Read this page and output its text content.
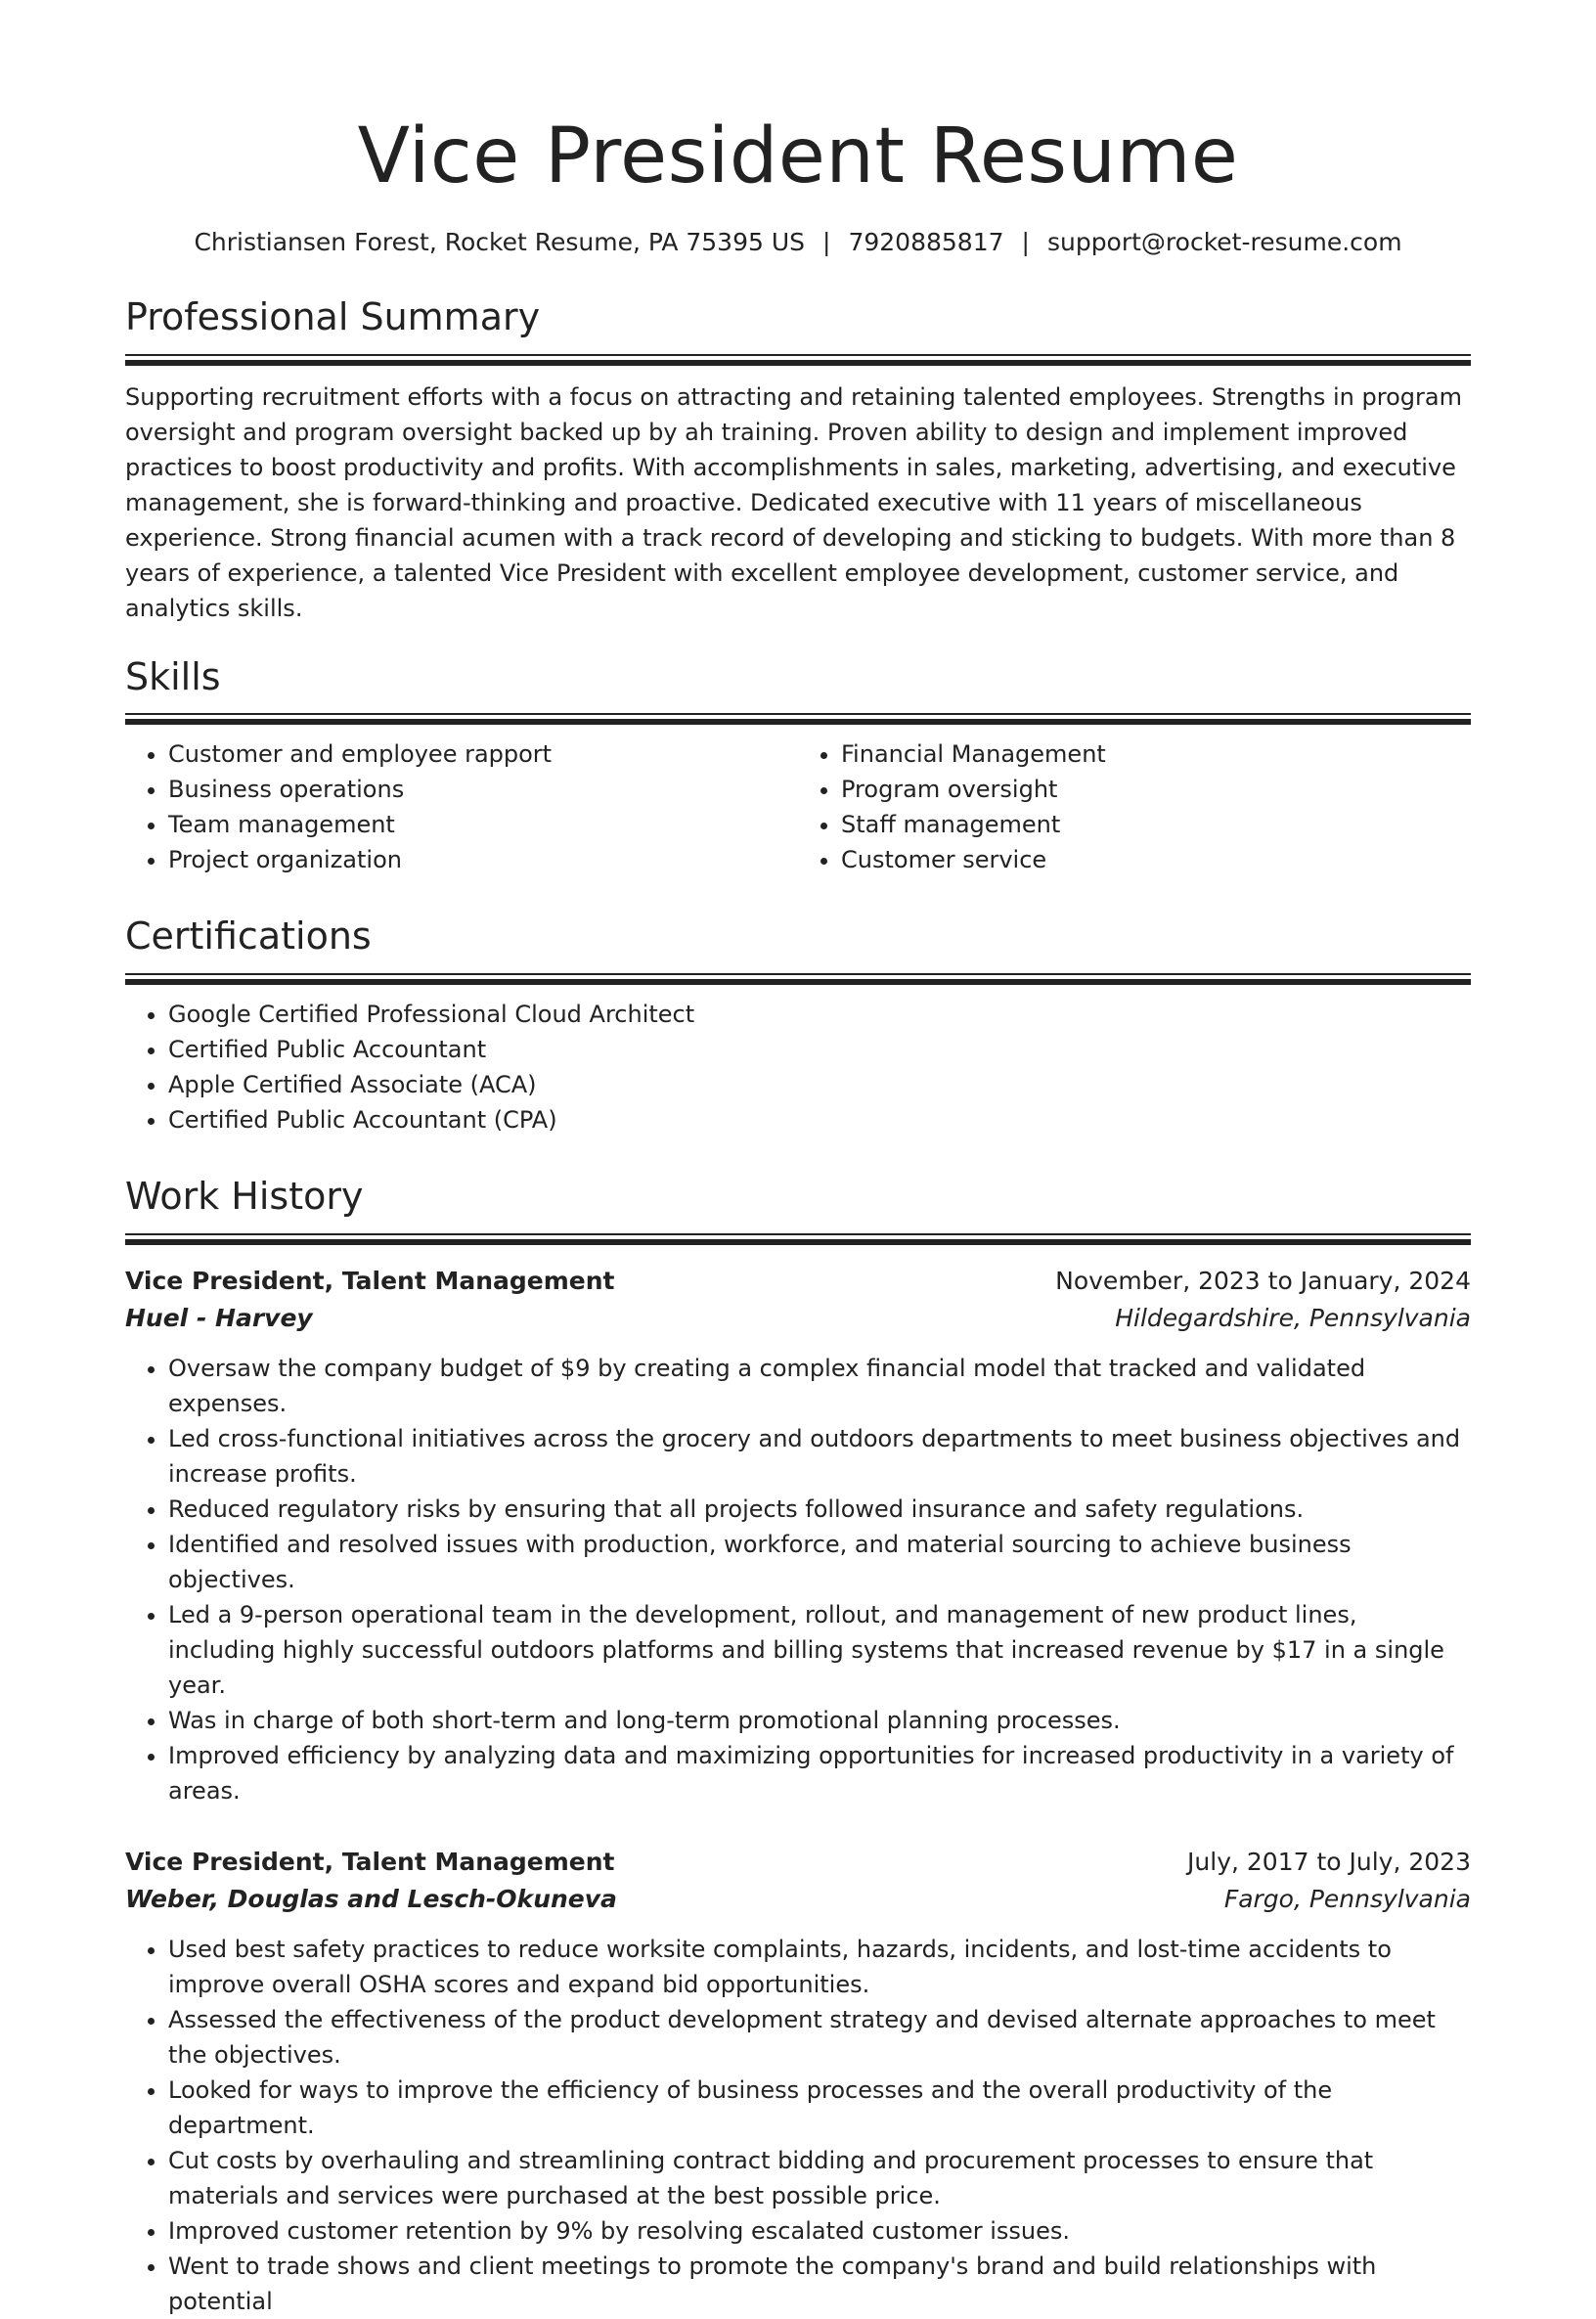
Vice President Resume
Christiansen Forest, Rocket Resume, PA 75395 US | 7920885817 | support@rocket-resume.com
Professional Summary

Supporting recruitment efforts with a focus on attracting and retaining talented employees. Strengths in program oversight and program oversight backed up by ah training. Proven ability to design and implement improved practices to boost productivity and profits. With accomplishments in sales, marketing, advertising, and executive management, she is forward-thinking and proactive. Dedicated executive with 11 years of miscellaneous experience. Strong financial acumen with a track record of developing and sticking to budgets. With more than 8 years of experience, a talented Vice President with excellent employee development, customer service, and analytics skills.

Skills
• Customer and employee rapport
• Business operations
• Team management
• Project organization
• Financial Management
• Program oversight
• Staff management
• Customer service
Certifications
• Google Certified Professional Cloud Architect
• Certified Public Accountant
• Apple Certified Associate (ACA)
• Certified Public Accountant (CPA)
Work History
Vice President, Talent Management	November, 2023 to January, 2024
Huel - Harvey	Hildegardshire, Pennsylvania
• Oversaw the company budget of $9 by creating a complex financial model that tracked and validated expenses.
• Led cross-functional initiatives across the grocery and outdoors departments to meet business objectives and increase profits.
• Reduced regulatory risks by ensuring that all projects followed insurance and safety regulations.
• Identified and resolved issues with production, workforce, and material sourcing to achieve business objectives.
• Led a 9-person operational team in the development, rollout, and management of new product lines, including highly successful outdoors platforms and billing systems that increased revenue by $17 in a single year.
• Was in charge of both short-term and long-term promotional planning processes.
• Improved efficiency by analyzing data and maximizing opportunities for increased productivity in a variety of areas.
Vice President, Talent Management	July, 2017 to July, 2023
Weber, Douglas and Lesch-Okuneva	Fargo, Pennsylvania
• Used best safety practices to reduce worksite complaints, hazards, incidents, and lost-time accidents to improve overall OSHA scores and expand bid opportunities.
• Assessed the effectiveness of the product development strategy and devised alternate approaches to meet the objectives.
• Looked for ways to improve the efficiency of business processes and the overall productivity of the department.
• Cut costs by overhauling and streamlining contract bidding and procurement processes to ensure that materials and services were purchased at the best possible price.
• Improved customer retention by 9% by resolving escalated customer issues.
• Went to trade shows and client meetings to promote the company's brand and build relationships with potential
